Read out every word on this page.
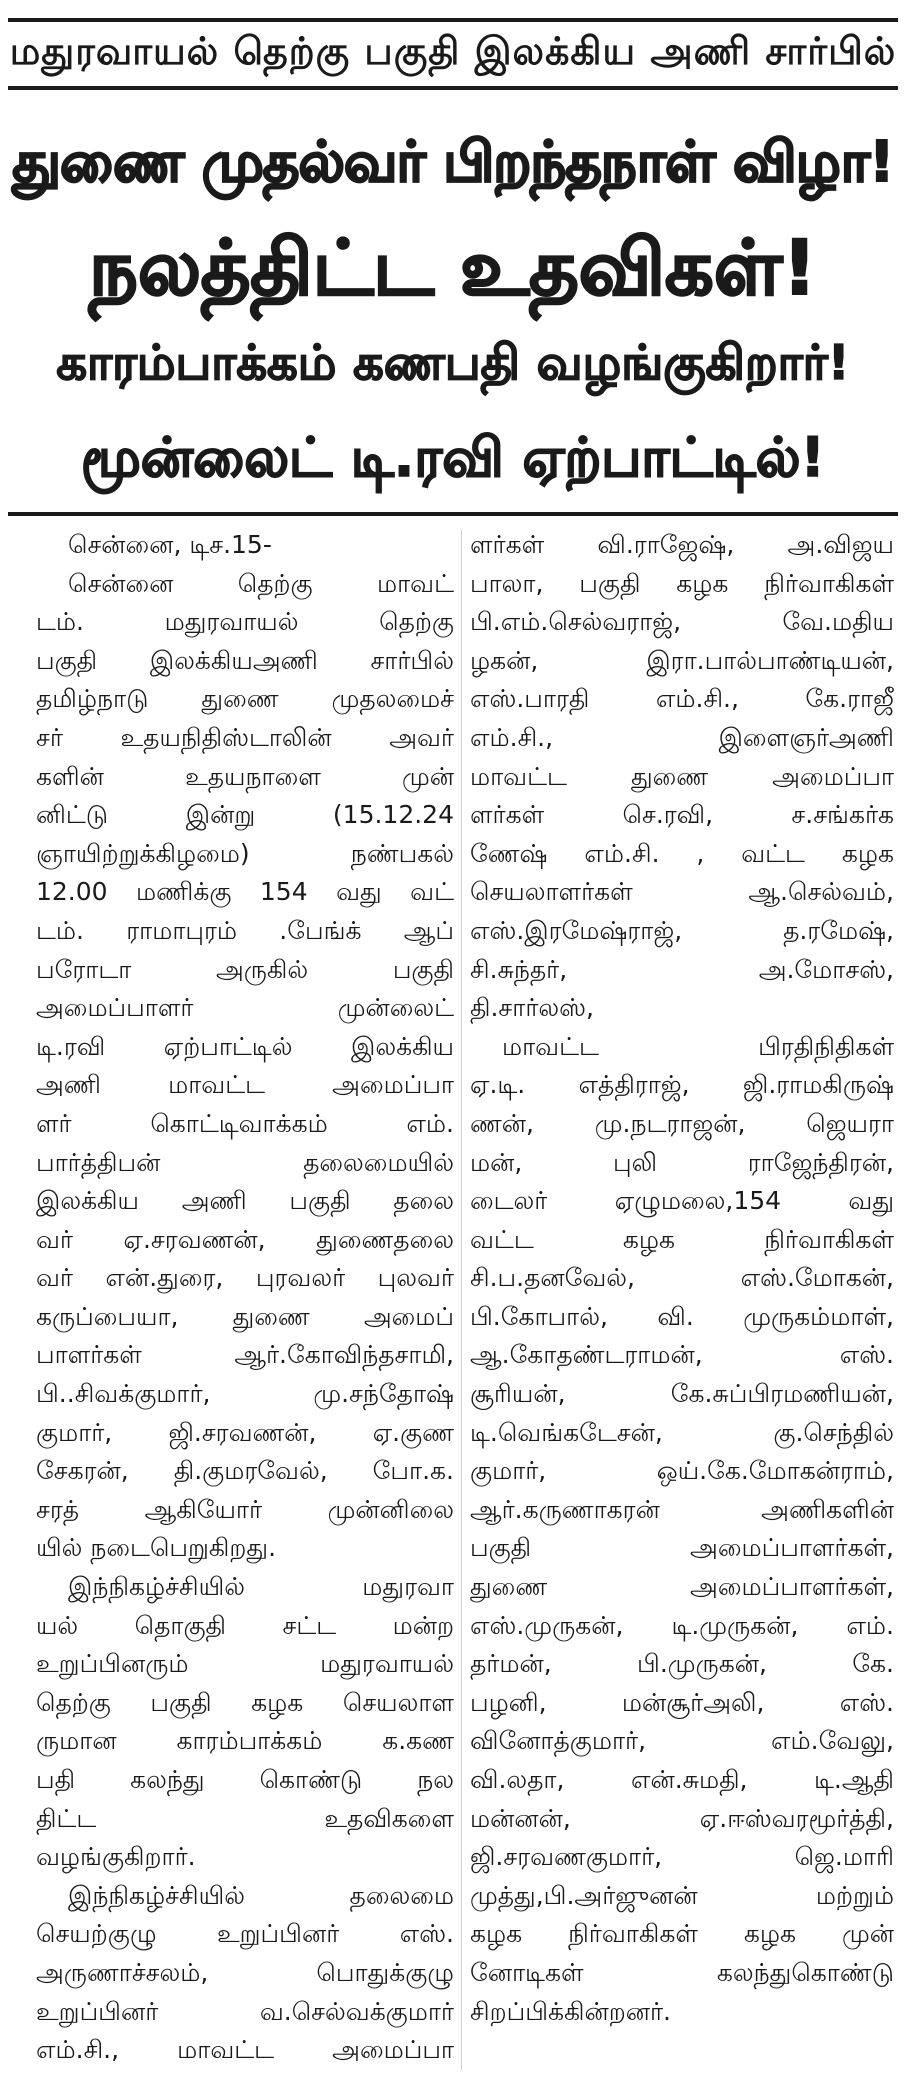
மதுரவாயல் தெற்கு பகுதி இலக்கிய அணி சார்பில்
துணை முதல்வர் பிறந்தநாள் விழா!
நலத்திட்ட உதவிகள்!
காரம்பாக்கம் கணபதி வழங்குகிறார்!
மூன்லைட் டி.ரவி ஏற்பாட்டில்!
சென்னை, டிச.15-
சென்னை	தெற்கு	மாவட்
டம்.	மதுரவாயல்	தெற்கு
பகுதி இலக்கியஅணி சார்பில்
தமிழ்நாடு துணை முதலமைச்
சர் உதயநிதிஸ்டாலின் அவர்
களின்	உதயநாளை	முன்
னிட்டு	இன்று	(15.12.24
ஞாயிற்றுக்கிழமை)	நண்பகல்
12.00 மணிக்கு 154 வது வட்
டம். ராமாபுரம் .பேங்க் ஆப்
பரோடா	அருகில்	பகுதி
அமைப்பாளர்	முன்லைட்
டி.ரவி ஏற்பாட்டில் இலக்கிய
அணி	மாவட்ட	அமைப்பா
ளர்	கொட்டிவாக்கம்	எம்.
பார்த்திபன்	தலைமையில்
இலக்கிய அணி பகுதி தலை
வர் ஏ.சரவணன், துணைதலை
வர் என்.துரை, புரவலர் புலவர்
கருப்பையா, துணை அமைப்
பாளர்கள்	ஆர்.கோவிந்தசாமி,
பி..சிவக்குமார்,	மு.சந்தோஷ்
குமார், ஜி.சரவணன், ஏ.குண
சேகரன், தி.குமரவேல், போ.க.
சரத்	ஆகியோர்	முன்னிலை
யில் நடைபெறுகிறது.
இந்நிகழ்ச்சியில்	மதுரவா
யல் தொகுதி சட்ட மன்ற
உறுப்பினரும்	மதுரவாயல்
தெற்கு பகுதி கழக செயலாள
ருமான காரம்பாக்கம் க.கண
பதி கலந்து கொண்டு நல
திட்ட	உதவிகளை
வழங்குகிறார்.
இந்நிகழ்ச்சியில்	தலைமை
செயற்குழு உறுப்பினர் எஸ்.
அருணாச்சலம்,	பொதுக்குழு
உறுப்பினர்	வ.செல்வக்குமார்
எம்.சி., மாவட்ட அமைப்பா
ளர்கள் வி.ராஜேஷ், அ.விஜய
பாலா, பகுதி கழக நிர்வாகிகள்
பி.எம்.செல்வராஜ்,	வே.மதிய
ழகன்,	இரா.பால்பாண்டியன்,
எஸ்.பாரதி	எம்.சி.,	கே.ராஜீ
எம்.சி.,	இளைஞர்அணி
மாவட்ட	துணை	அமைப்பா
ளர்கள்	செ.ரவி,	ச.சங்கர்க
ணேஷ் எம்.சி. , வட்ட கழக
செயலாளர்கள்	ஆ.செல்வம்,
எஸ்.இரமேஷ்ராஜ்,	த.ரமேஷ்,
சி.சுந்தர்,	அ.மோசஸ்,
தி.சார்லஸ்,
மாவட்ட	பிரதிநிதிகள்
ஏ.டி. எத்திராஜ், ஜி.ராமகிருஷ்
ணன், மு.நடராஜன், ஜெயரா
மன்,	புலி	ராஜேந்திரன்,
டைலர்	ஏழுமலை,154	வது
வட்ட	கழக	நிர்வாகிகள்
சி.ப.தனவேல்,	எஸ்.மோகன்,
பி.கோபால், வி. முருகம்மாள்,
ஆ.கோதண்டராமன்,	எஸ்.
சூரியன்,	கே.சுப்பிரமணியன்,
டி.வெங்கடேசன்,	கு.செந்தில்
குமார்,	ஒய்.கே.மோகன்ராம்,
ஆர்.கருணாகரன்	அணிகளின்
பகுதி	அமைப்பாளர்கள்,
துணை	அமைப்பாளர்கள்,
எஸ்.முருகன், டி.முருகன், எம்.
தர்மன்,	பி.முருகன்,	கே.
பழனி,	மன்சூர்அலி,	எஸ்.
வினோத்குமார்,	எம்.வேலு,
வி.லதா,	என்.சுமதி,	டி.ஆதி
மன்னன்,	ஏ.ஈஸ்வரமூர்த்தி,
ஜி.சரவணகுமார்,	ஜெ.மாரி
முத்து,பி.அர்ஜுனன்	மற்றும்
கழக நிர்வாகிகள் கழக முன்
னோடிகள்	கலந்துகொண்டு
சிறப்பிக்கின்றனர்.
